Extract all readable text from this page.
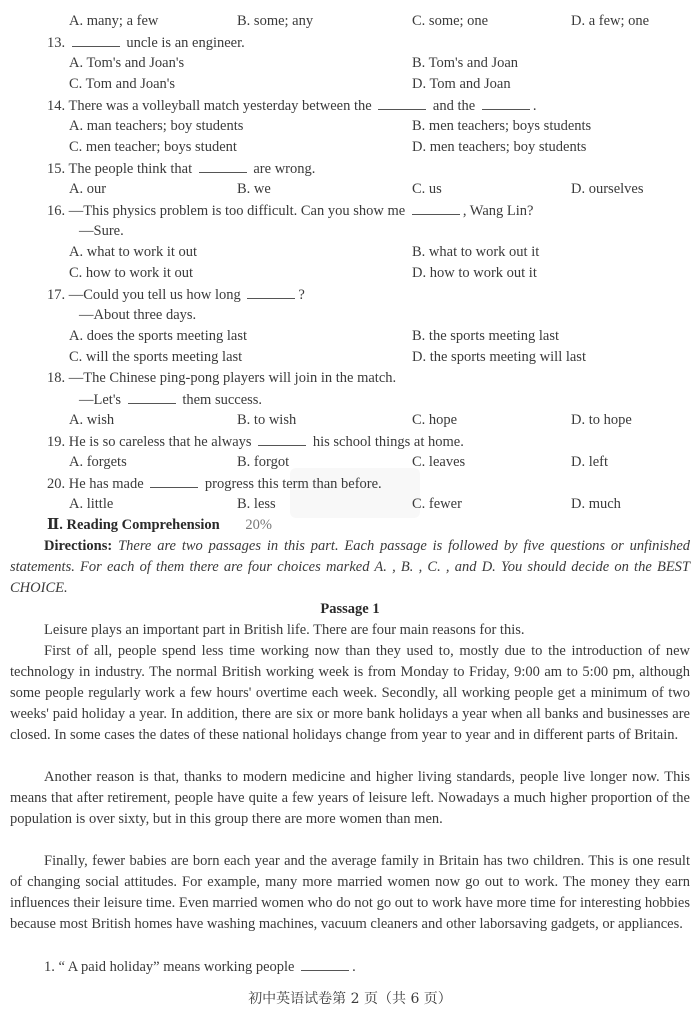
A. many; a few	B. some; any	C. some; one	D. a few; one
13.	uncle is an engineer.
A. Tom's and Joan's	B. Tom's and Joan
C. Tom and Joan's	D. Tom and Joan
14. There was a volleyball match yesterday between the	and the	.
A. man teachers; boy students	B. men teachers; boys students
C. men teacher; boys student	D. men teachers; boy students
15. The people think that	are wrong.
A. our	B. we	C. us	D. ourselves
16. —This physics problem is too difficult. Can you show me	, Wang Lin?
—Sure.
A. what to work it out	B. what to work out it
C. how to work it out	D. how to work out it
17. —Could you tell us how long	?
—About three days.
A. does the sports meeting last	B. the sports meeting last
C. will the sports meeting last	D. the sports meeting will last
18. —The Chinese ping-pong players will join in the match.
—Let's	them success.
A. wish	B. to wish	C. hope	D. to hope
19. He is so careless that he always	his school things at home.
A. forgets	B. forgot	C. leaves	D. left
20. He has made	progress this term than before.
A. little	B. less	C. fewer	D. much
Ⅱ. Reading Comprehension 20%
Directions: There are two passages in this part. Each passage is followed by five questions or unfinished statements. For each of them there are four choices marked A. , B. , C. , and D. You should decide on the BEST CHOICE.
Passage 1
Leisure plays an important part in British life. There are four main reasons for this.
First of all, people spend less time working now than they used to, mostly due to the introduction of new technology in industry. The normal British working week is from Monday to Friday, 9:00 am to 5:00 pm, although some people regularly work a few hours' overtime each week. Secondly, all working people get a minimum of two weeks' paid holiday a year. In addition, there are six or more bank holidays a year when all banks and businesses are closed. In some cases the dates of these national holidays change from year to year and in different parts of Britain.
Another reason is that, thanks to modern medicine and higher living standards, people live longer now. This means that after retirement, people have quite a few years of leisure left. Nowadays a much higher proportion of the population is over sixty, but in this group there are more women than men.
Finally, fewer babies are born each year and the average family in Britain has two children. This is one result of changing social attitudes. For example, many more married women now go out to work. The money they earn influences their leisure time. Even married women who do not go out to work have more time for interesting hobbies because most British homes have washing machines, vacuum cleaners and other laborsaving gadgets, or appliances.
1. “ A paid holiday” means working people	.
初中英语试卷第 2 页（共 6 页）
